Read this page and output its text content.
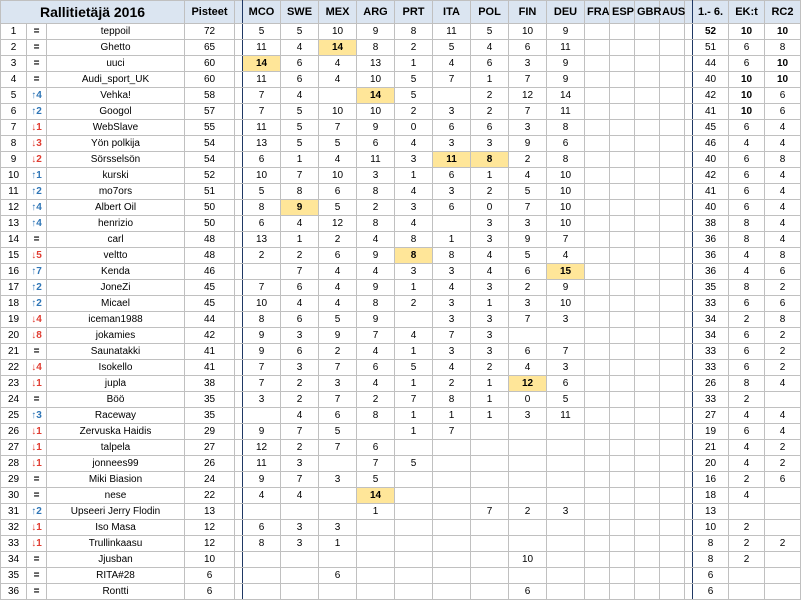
Rallitietäjä 2016			Pisteet		MCO	SWE	MEX	ARG	PRT	ITA	POL	FIN	DEU	FRA	ESP	GBR	AUS		1.- 6.	EK:t	RC2
1	=	teppoil	72		5	5	10	9	8	11	5	10	9						52	10	10
2	=	Ghetto	65		11	4	14	8	2	5	4	6	11						51	6	8
3	=	uuci	60		14	6	4	13	1	4	6	3	9						44	6	10
4	=	Audi_sport_UK	60		11	6	4	10	5	7	1	7	9						40	10	10
5	↑4	Vehka!	58		7	4		14	5		2	12	14						42	10	6
6	↑2	Googol	57		7	5	10	10	2	3	2	7	11						41	10	6
7	↓1	WebSlave	55		11	5	7	9	0	6	6	3	8						45	6	4
8	↓3	Yön polkija	54		13	5	5	6	4	3	3	9	6						46	4	4
9	↓2	Sörsselsön	54		6	1	4	11	3	11	8	2	8						40	6	8
10	↑1	kurski	52		10	7	10	3	1	6	1	4	10						42	6	4
11	↑2	mo7ors	51		5	8	6	8	4	3	2	5	10						41	6	4
12	↑4	Albert Oil	50		8	9	5	2	3	6	0	7	10						40	6	4
13	↑4	henrizio	50		6	4	12	8	4		3	3	10						38	8	4
14	=	carl	48		13	1	2	4	8	1	3	9	7						36	8	4
15	↓5	veltto	48		2	2	6	9	8	8	4	5	4						36	4	8
16	↑7	Kenda	46			7	4	4	3	3	4	6	15						36	4	6
17	↑2	JoneZi	45		7	6	4	9	1	4	3	2	9						35	8	2
18	↑2	Micael	45		10	4	4	8	2	3	1	3	10						33	6	6
19	↓4	iceman1988	44		8	6	5	9		3	3	7	3						34	2	8
20	↓8	jokamies	42		9	3	9	7	4	7	3								34	6	2
21	=	Saunatakki	41		9	6	2	4	1	3	3	6	7						33	6	2
22	↓4	Isokello	41		7	3	7	6	5	4	2	4	3						33	6	2
23	↓1	jupla	38		7	2	3	4	1	2	1	12	6						26	8	4
24	=	Böö	35		3	2	7	2	7	8	1	0	5						33	2	
25	↑3	Raceway	35			4	6	8	1	1	1	3	11						27	4	4
26	↓1	Zervuska Haidis	29		9	7	5		1	7									19	6	4
27	↓1	talpela	27		12	2	7	6											21	4	2
28	↓1	jonnees99	26		11	3		7	5										20	4	2
29	=	Miki Biasion	24		9	7	3	5											16	2	6
30	=	nese	22		4	4		14											18	4	
31	↑2	Upseeri Jerry Flodin	13					1			7	2	3						13		
32	↓1	Iso Masa	12		6	3	3												10	2	
33	↓1	Trullinkaasu	12		8	3	1												8	2	2
34	=	Jjusban	10									10							8	2	
35	=	RITA#28	6				6												6		
36	=	Rontti	6									6							6		
